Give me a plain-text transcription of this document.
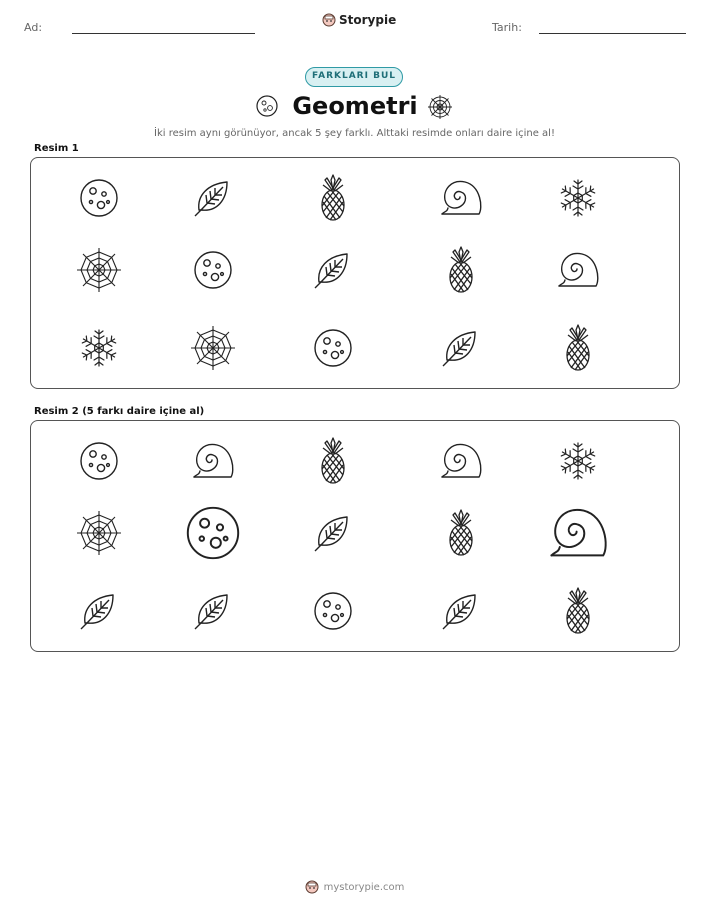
Ad:
Storypie
Tarih:
FARKLARI BUL
Geometri
İki resim aynı görünüyor, ancak 5 şey farklı. Alttaki resimde onları daire içine al!
Resim 1
Resim 2 (5 farkı daire içine al)
mystorypie.com
